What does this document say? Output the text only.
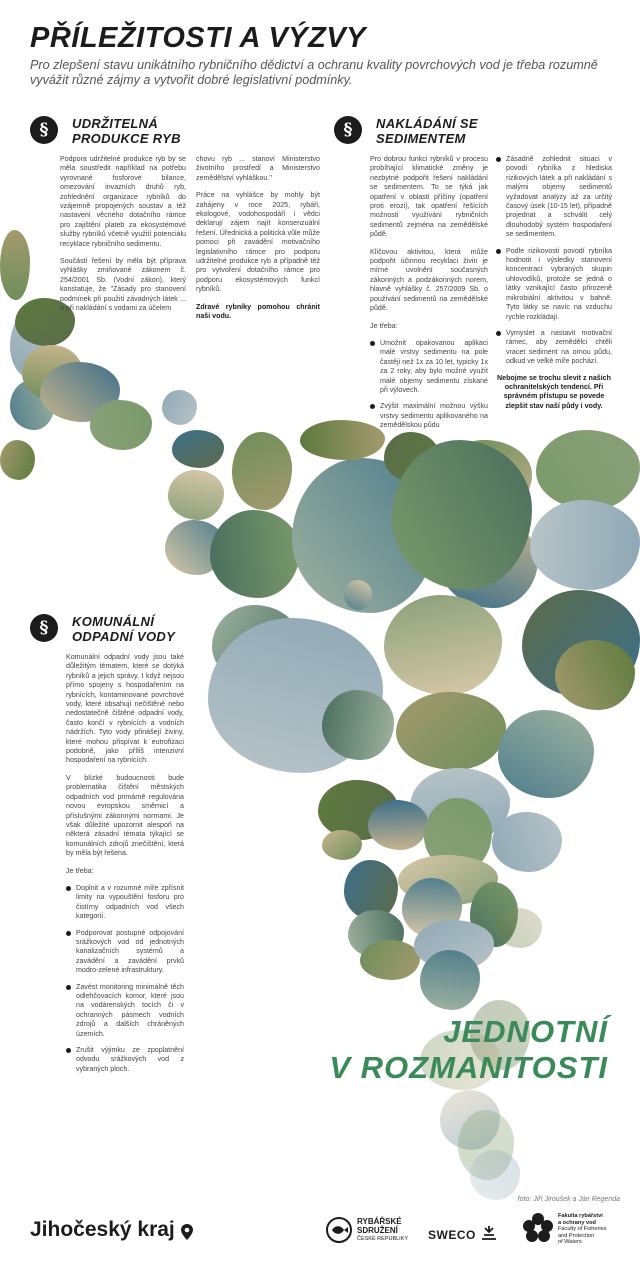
PŘÍLEŽITOSTI A VÝZVY
Pro zlepšení stavu unikátního rybničního dědictví a ochranu kvality povrchových vod je třeba rozumně vyvážit různé zájmy a vytvořit dobré legislativní podmínky.
§	UDRŽITELNÁ
PRODUKCE RYB

Podpora udržitelné produkce ryb by se měla soustředit například na potřebu vyrovnané fosforové bilance, omezování invazních druhů ryb, zohlednění organizace rybníků do vzájemně propojených soustav a též nastavení věcného dotačního rámce pro zajištění plateb za ekosystémové služby rybníků včetně využití potenciálu recyklace rybničního sedimentu.

Součástí řešení by měla být příprava vyhlášky zmiňované zákonem č. 254/2001 Sb. (Vodní zákon), který konstatuje, že "Zásady pro stanovení podmínek při použití závadných látek ... a při nakládání s vodami za účelem

chovu ryb ... stanoví Ministerstvo životního prostředí a Ministerstvo zemědělství vyhláškou."

Práce na vyhlášce by mohly být zahájeny v roce 2025, rybáři, ekologové, vodohospodáři i vědci deklarují zájem najít konsenzuální řešení. Úřednická a politická vůle může pomoci při zavádění motivačního legislativního rámce pro podporu udržitelné produkce ryb a případně též pro vytvoření dotačního rámce pro podporu ekosystémových funkcí rybníků.

Zdravé rybníky pomohou chránit naši vodu.

§	NAKLÁDÁNÍ SE
SEDIMENTEM

Pro dobrou funkci rybníků v procesu probíhající klimatické změny je nezbytné podpořit řešení nakládání se sedimentem. To se týká jak opatření v oblasti příčiny (opatření proti erozi), tak opatření řešících možnosti využívání rybničních sedimentů zejména na zemědělské půdě.

Klíčovou aktivitou, která může podpořit účinnou recyklaci živin je mírné uvolnění současných zákonných a podzákonných norem, hlavně vyhlášky č. 257/2009 Sb. o používání sedimentů na zemědělské půdě.

Je třeba:

Umožnit opakovanou aplikaci malé vrstvy sedimentu na pole častěji než 1x za 10 let, typicky 1x za 2 roky, aby bylo možné využít malé objemy sedimentu získané při výlovech.
Zvýšit maximální možnou výšku vrstvy sedimentu aplikovaného na zemědělskou půdu
Zásadně zohlednit situaci v povodí rybníka z hlediska rizikových látek a při nakládání s malými objemy sedimentů vyžadovat analýzy až za určitý časový úsek (10-15 let), případně projednat a schválit celý dlouhodobý systém hospodaření se sedimentem.
Podle rizikovosti povodí rybníka hodnotit i výsledky stanovení koncentrací vybraných skupin uhlovodíků, protože se jedná o látky vznikající často přirozeně mikrobiální aktivitou v bahně. Tyto látky se navíc na vzduchu rychle rozkládají.
Vymyslet a nastavit motivační rámec, aby zemědělci chtěli vracet sediment na ornou půdu, odkud ve velké míře pochází.

Nebojme se trochu slevit z našich ochranitelských tendencí. Při správném přístupu se povede zlepšit stav naší půdy i vody.

§	KOMUNÁLNÍ
ODPADNÍ VODY

Komunální odpadní vody jsou také důležitým tématem, které se dotýká rybníků a jejich správy. I když nejsou přímo spojeny s hospodařením na rybnících, kontaminované povrchové vody, které obsahují nečištěné nebo nedostatečně čištěné odpadní vody, často končí v rybnících a vodních nádržích. Tyto vody přinášejí živiny, které mohou přispívat k eutrofizaci podobně, jako příliš intenzivní hospodaření na rybnících.

V blízké budoucnosti bude problematika čištění městských odpadních vod primárně regulována novou evropskou směrnicí a příslušnými zákonnými normami. Je však důležité upozornit alespoň na některá zásadní témata týkající se komunálních zdrojů znečištění, která by měla být řešena.

Je třeba:

Doplnit a v rozumné míře zpřísnit limity na vypouštění fosforu pro čistírny odpadních vod všech kategorií.
Podporovat postupné odpojování srážkových vod od jednotných kanalizačních systémů a zavádění a zavádění prvků modro-zelené infrastruktury.
Zavést monitoring minimálně těch odlehčovacích komor, které jsou na vodárenských tocích či v ochranných pásmech vodních zdrojů a dalších chráněných územích.
Zrušit výjimku ze zpoplatnění odvodu srážkových vod z vybraných ploch.
JEDNOTNÍ
V ROZMANITOSTI
foto: Jiří Jiroušek a Ján Regenda
Jihočeský kraj	RYBÁŘSKÉ
SDRUŽENÍ
ČESKÉ REPUBLIKY SWECO
Fakulta rybářství
a ochrany vod
Faculty of Fisheries
and Protection
of Waters
